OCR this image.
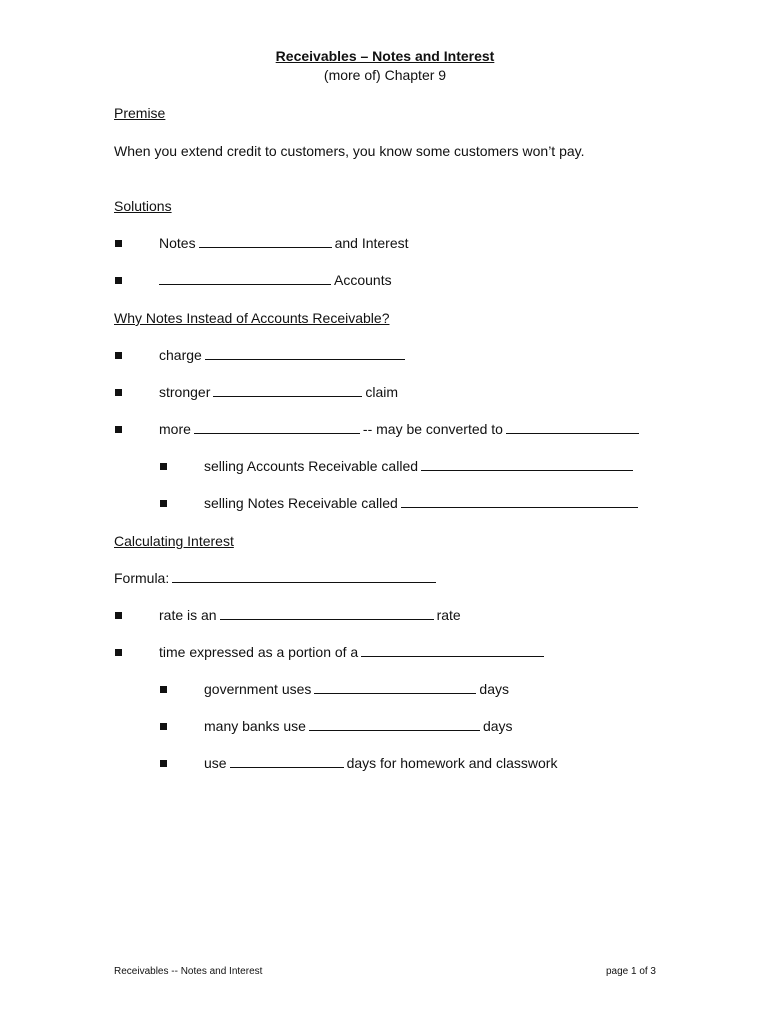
Receivables – Notes and Interest
(more of) Chapter 9
Premise
When you extend credit to customers, you know some customers won’t pay.
Solutions
Notes	and Interest
Accounts
Why Notes Instead of Accounts Receivable?
charge
stronger	claim
more	-- may be converted to
selling Accounts Receivable called
selling Notes Receivable called
Calculating Interest
Formula:
rate is an	rate
time expressed as a portion of a
government uses	days
many banks use	days
use	days for homework and classwork
Receivables -- Notes and Interest	page 1 of 3
